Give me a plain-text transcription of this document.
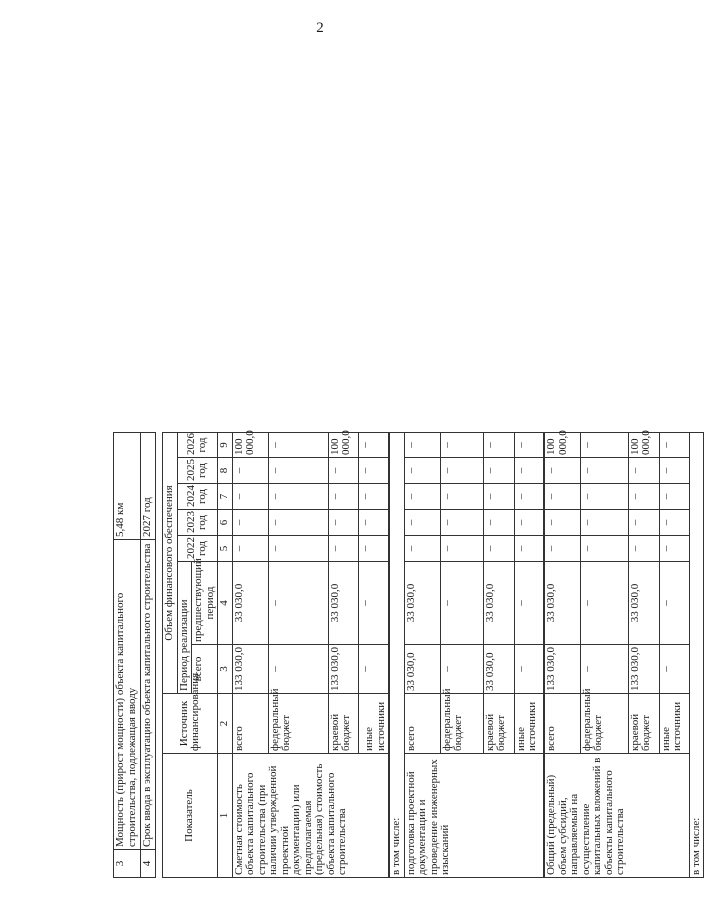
2
3	Мощность (прирост мощности) объекта капитального строительства, подлежащая вводу	5,48 км
4	Срок ввода в эксплуатацию объекта капитального строительства	2027 год
Показатель	Источник финансирования	Объем финансового обеспечения						
		Период реализации		2022 год	2023 год	2024 год	2025 год	2026 год
		всего	предшествующий период					
1	2	3	4	5	6	7	8	9
Сметная стоимость объекта капитального строительства (при наличии утвержденной проектной документации) или предполагаемая (предельная) стоимость объекта капитального строительства	всего	133 030,0	33 030,0	–	–	–	–	100 000,0
	федеральный бюджет	–	–	–	–	–	–	–
	краевой бюджет	133 030,0	33 030,0	–	–	–	–	100 000,0
	иные источники	–	–	–	–	–	–	–
в том числе:								
подготовка проектной документации и проведение инженерных изысканий	всего	33 030,0	33 030,0	–	–	–	–	–
	федеральный бюджет	–	–	–	–	–	–	–
	краевой бюджет	33 030,0	33 030,0	–	–	–	–	–
	иные источники	–	–	–	–	–	–	–
Общий (предельный) объем субсидий, направляемый на осуществление капитальных вложений в объекты капитального строительства	всего	133 030,0	33 030,0	–	–	–	–	100 000,0
	федеральный бюджет	–	–	–	–	–	–	–
	краевой бюджет	133 030,0	33 030,0	–	–	–	–	100 000,0
	иные источники	–	–	–	–	–	–	–
в том числе:								
